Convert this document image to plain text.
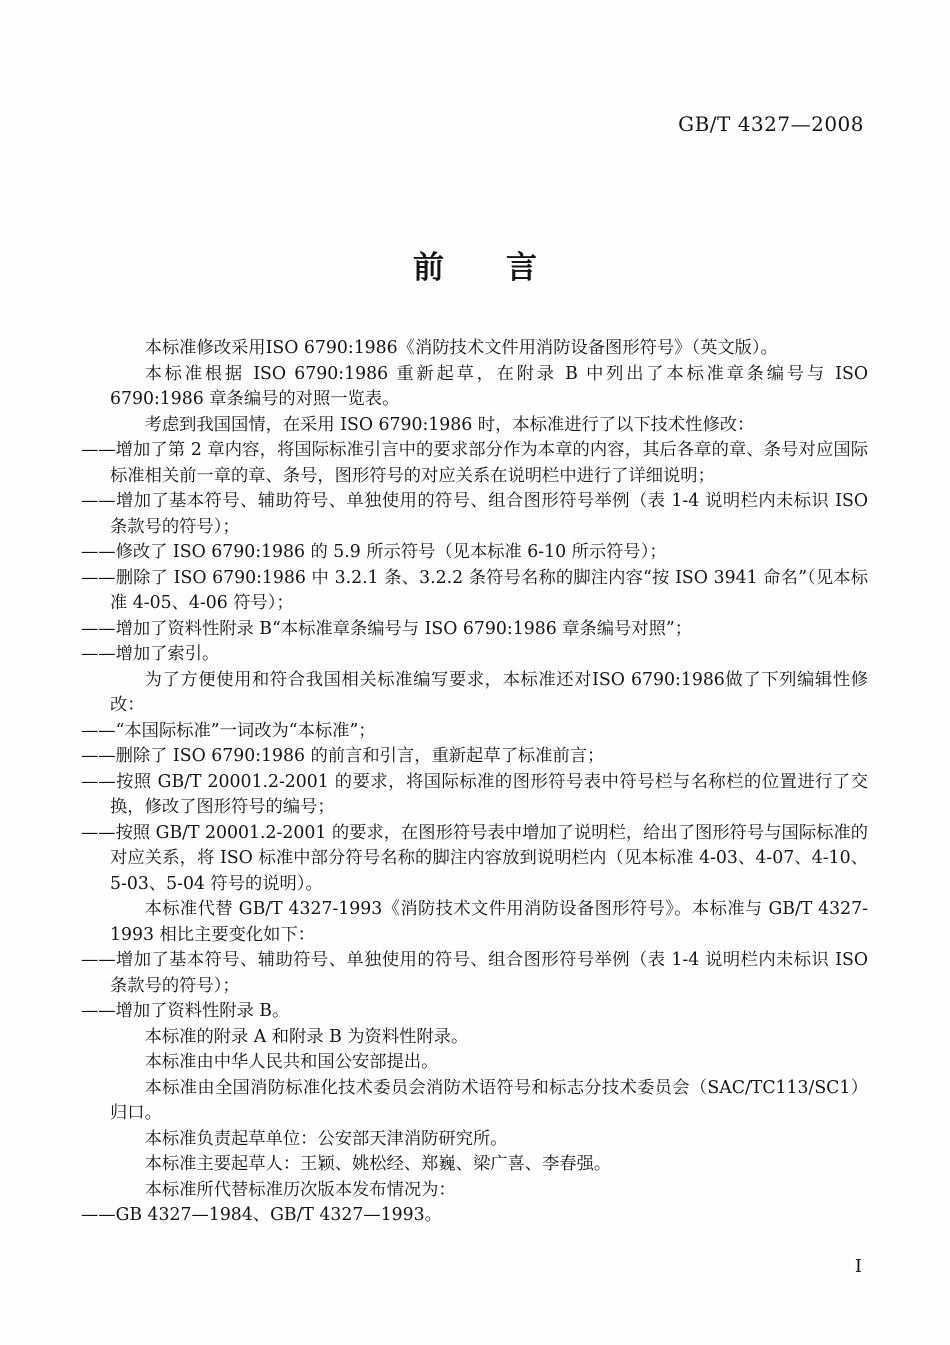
GB/T 4327—2008
前　　言

本标准修改采用ISO 6790:1986《消防技术文件用消防设备图形符号》（英文版）。

本标准根据 ISO 6790:1986 重新起草，在附录 B 中列出了本标准章条编号与 ISO 6790:1986 章条编号的对照一览表。

考虑到我国国情，在采用 ISO 6790:1986 时，本标准进行了以下技术性修改：

——增加了第 2 章内容，将国际标准引言中的要求部分作为本章的内容，其后各章的章、条号对应国际标准相关前一章的章、条号，图形符号的对应关系在说明栏中进行了详细说明；

——增加了基本符号、辅助符号、单独使用的符号、组合图形符号举例（表 1-4 说明栏内未标识 ISO 条款号的符号）；

——修改了 ISO 6790:1986 的 5.9 所示符号（见本标准 6-10 所示符号）；

——删除了 ISO 6790:1986 中 3.2.1 条、3.2.2 条符号名称的脚注内容“按 ISO 3941 命名”（见本标准 4-05、4-06 符号）；

——增加了资料性附录 B“本标准章条编号与 ISO 6790:1986 章条编号对照”；

——增加了索引。

为了方便使用和符合我国相关标准编写要求，本标准还对ISO 6790:1986做了下列编辑性修改：

——“本国际标准”一词改为“本标准”；

——删除了 ISO 6790:1986 的前言和引言，重新起草了标准前言；

——按照 GB/T 20001.2-2001 的要求，将国际标准的图形符号表中符号栏与名称栏的位置进行了交换，修改了图形符号的编号；

——按照 GB/T 20001.2-2001 的要求，在图形符号表中增加了说明栏，给出了图形符号与国际标准的对应关系，将 ISO 标准中部分符号名称的脚注内容放到说明栏内（见本标准 4-03、4-07、4-10、5-03、5-04 符号的说明）。

本标准代替 GB/T 4327-1993《消防技术文件用消防设备图形符号》。本标准与 GB/T 4327-1993 相比主要变化如下：

——增加了基本符号、辅助符号、单独使用的符号、组合图形符号举例（表 1-4 说明栏内未标识 ISO 条款号的符号）；

——增加了资料性附录 B。

本标准的附录 A 和附录 B 为资料性附录。

本标准由中华人民共和国公安部提出。

本标准由全国消防标准化技术委员会消防术语符号和标志分技术委员会（SAC/TC113/SC1）归口。

本标准负责起草单位：公安部天津消防研究所。

本标准主要起草人：王颖、姚松经、郑巍、梁广喜、李春强。

本标准所代替标准历次版本发布情况为：

——GB 4327—1984、GB/T 4327—1993。

I
